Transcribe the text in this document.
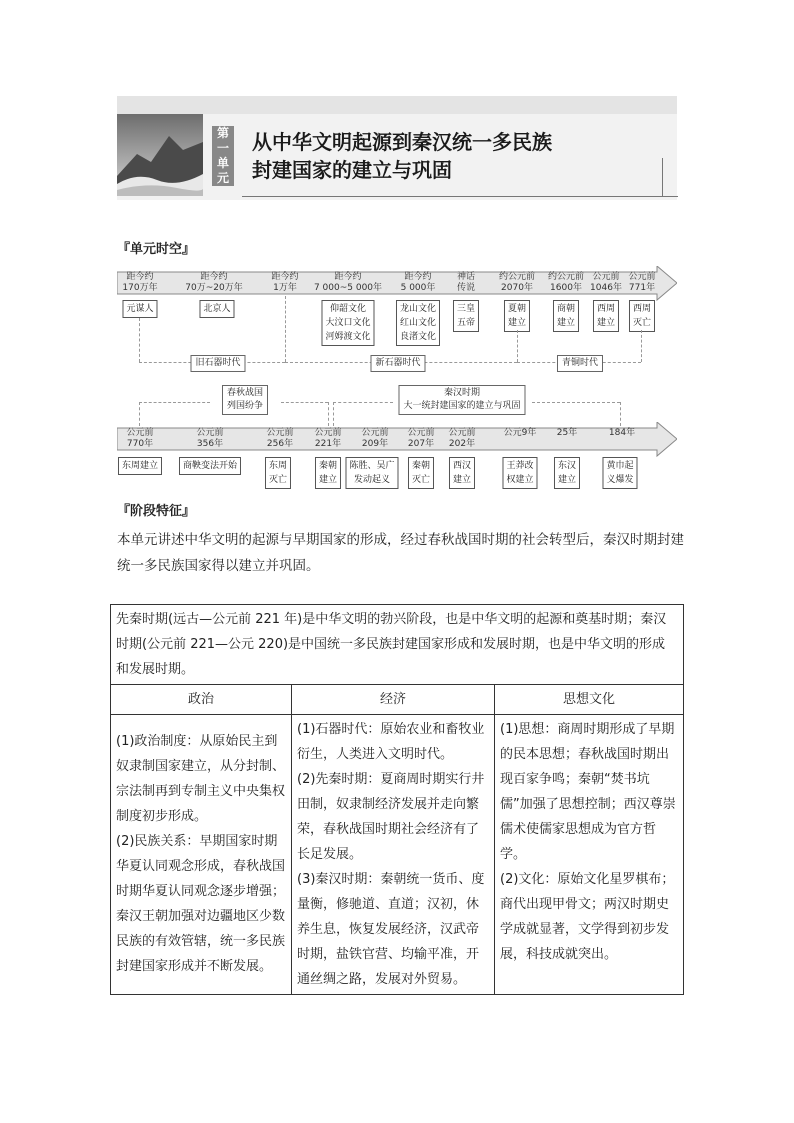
第
一
单
元
从中华文明起源到秦汉统一多民族
封建国家的建立与巩固
『单元时空』
距今约
170万年
距今约
70万~20万年
距今约
1万年
距今约
7 000~5 000年
距今约
5 000年
神话
传说
约公元前
2070年
约公元前
1600年
公元前
1046年
公元前
771年
元谋人	北京人	仰韶文化
大汶口文化
河姆渡文化
龙山文化
红山文化
良渚文化
三皇
五帝
夏朝
建立
商朝
建立
西周
建立
西周
灭亡
旧石器时代	新石器时代	青铜时代
春秋战国
列国纷争
秦汉时期
大一统封建国家的建立与巩固
公元前
770年
公元前
356年
公元前
256年
公元前
221年
公元前
209年
公元前
207年
公元前
202年
公元9年 25年	184年
东周建立	商鞅变法开始	东周
灭亡
秦朝
建立
陈胜、吴广
发动起义
秦朝
灭亡
西汉
建立
王莽改
权建立
东汉
建立
黄巾起
义爆发
『阶段特征』
本单元讲述中华文明的起源与早期国家的形成，经过春秋战国时期的社会转型后，秦汉时期封建统一多民族国家得以建立并巩固。
先秦时期(远古—公元前 221 年)是中华文明的勃兴阶段，也是中华文明的起源和奠基时期；秦汉时期(公元前 221—公元 220)是中国统一多民族封建国家形成和发展时期，也是中华文明的形成和发展时期。		
政治	经济	思想文化
(1)政治制度：从原始民主到奴隶制国家建立，从分封制、宗法制再到专制主义中央集权制度初步形成。
(2)民族关系：早期国家时期华夏认同观念形成，春秋战国时期华夏认同观念逐步增强；秦汉王朝加强对边疆地区少数民族的有效管辖，统一多民族封建国家形成并不断发展。	(1)石器时代：原始农业和畜牧业衍生，人类进入文明时代。
(2)先秦时期：夏商周时期实行井田制，奴隶制经济发展并走向繁荣，春秋战国时期社会经济有了长足发展。
(3)秦汉时期：秦朝统一货币、度量衡，修驰道、直道；汉初，休养生息，恢复发展经济，汉武帝时期，盐铁官营、均输平准，开通丝绸之路，发展对外贸易。	(1)思想：商周时期形成了早期的民本思想；春秋战国时期出现百家争鸣；秦朝“焚书坑儒”加强了思想控制；西汉尊崇儒术使儒家思想成为官方哲学。
(2)文化：原始文化星罗棋布；商代出现甲骨文；两汉时期史学成就显著，文学得到初步发展，科技成就突出。
